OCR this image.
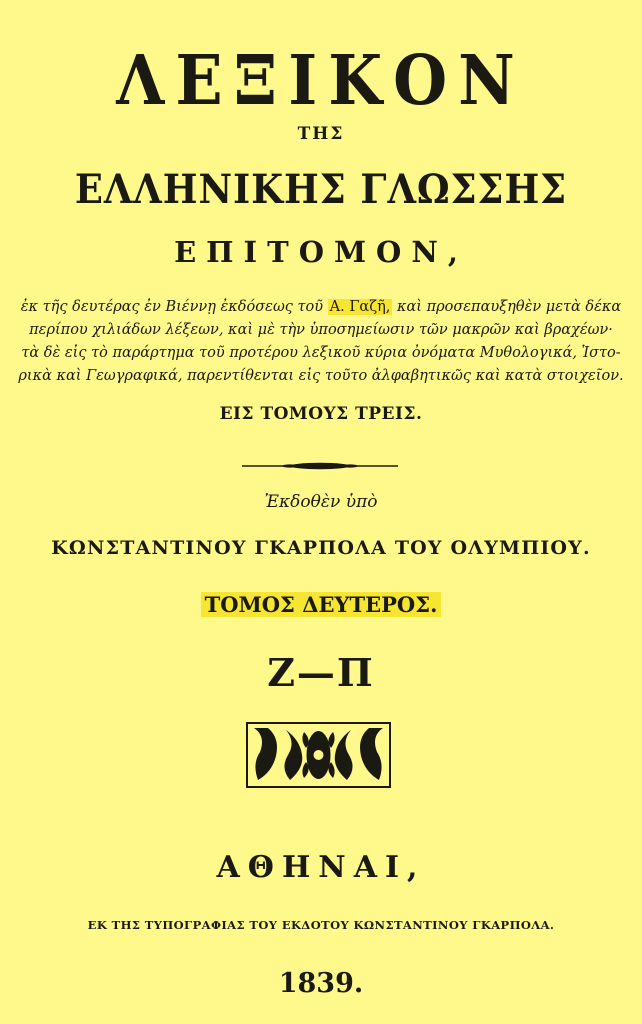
ΛΕΞΙΚΟΝ
ΤΗΣ
ΕΛΛΗΝΙΚΗΣ ΓΛΩΣΣΗΣ
ΕΠΙΤΟΜΟΝ,
ἐκ τῆς δευτέρας ἐν Βιέννῃ ἐκδόσεως τοῦ Α. Γαζῆ, καὶ προσεπαυξηθὲν μετὰ δέκα
περίπου χιλιάδων λέξεων, καὶ μὲ τὴν ὑποσημείωσιν τῶν μακρῶν καὶ βραχέων·
τὰ δὲ εἰς τὸ παράρτημα τοῦ προτέρου λεξικοῦ κύρια ὀνόματα Μυθολογικά, Ἱστο-
ρικὰ καὶ Γεωγραφικά, παρεντίθενται εἰς τοῦτο ἀλφαβητικῶς καὶ κατὰ στοιχεῖον.
ΕΙΣ ΤΟΜΟΥΣ ΤΡΕΙΣ.
Ἐκδοθὲν ὑπὸ
ΚΩΝΣΤΑΝΤΙΝΟΥ ΓΚΑΡΠΟΛΑ ΤΟΥ ΟΛΥΜΠΙΟΥ.
ΤΟΜΟΣ ΔΕΥΤΕΡΟΣ.
Ζ—Π
ΑΘΗΝΑΙ,
ΕΚ ΤΗΣ ΤΥΠΟΓΡΑΦΙΑΣ ΤΟΥ ΕΚΔΟΤΟΥ ΚΩΝΣΤΑΝΤΙΝΟΥ ΓΚΑΡΠΟΛΑ.
1839.
